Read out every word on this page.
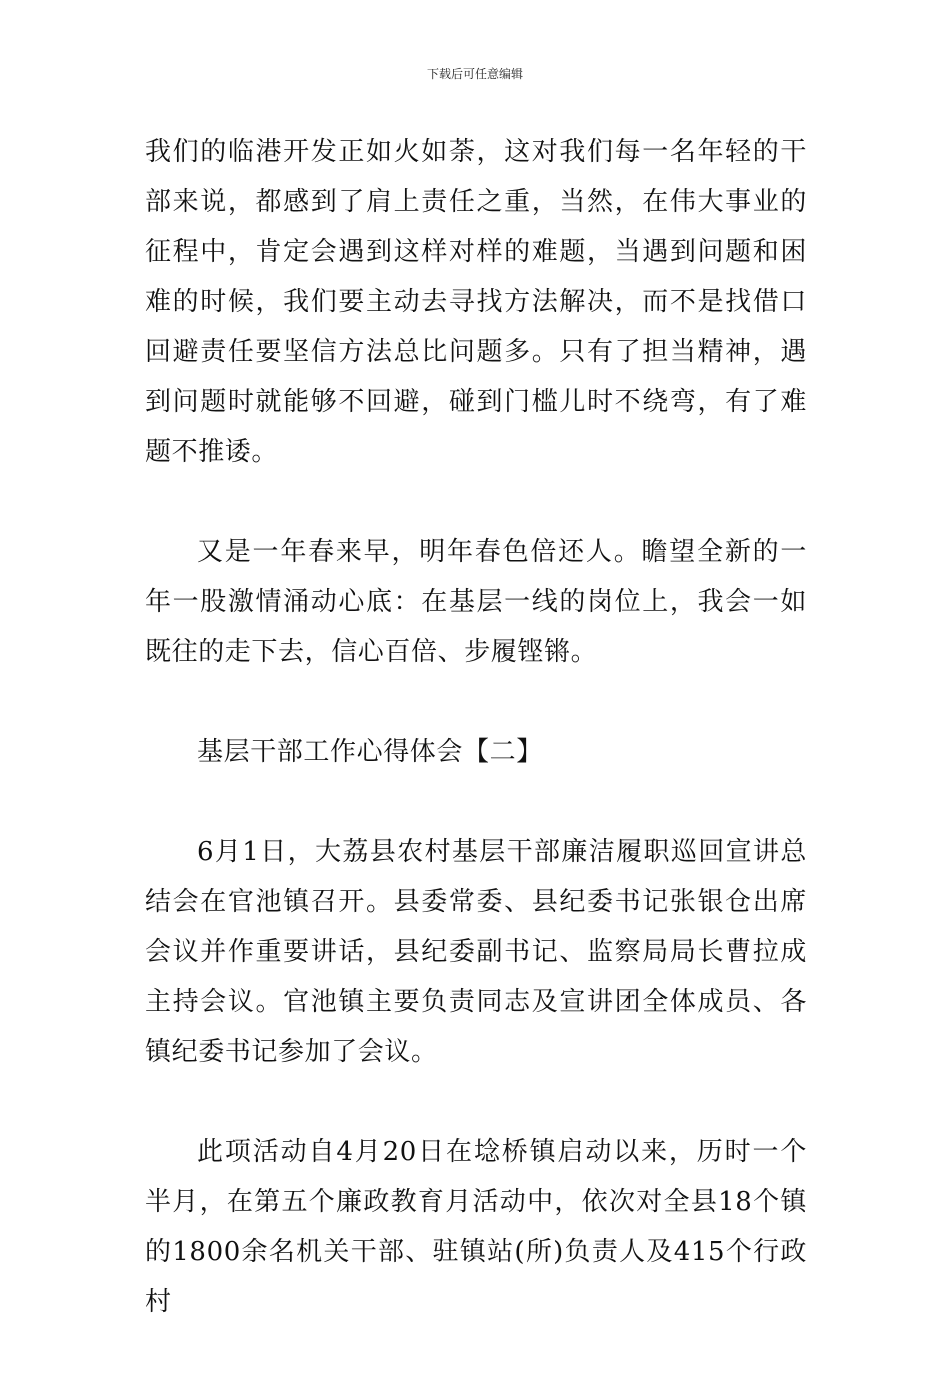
下载后可任意编辑

我们的临港开发正如火如荼，这对我们每一名年轻的干部来说，都感到了肩上责任之重，当然，在伟大事业的征程中，肯定会遇到这样对样的难题，当遇到问题和困难的时候，我们要主动去寻找方法解决，而不是找借口回避责任要坚信方法总比问题多。只有了担当精神，遇到问题时就能够不回避，碰到门槛儿时不绕弯，有了难题不推诿。

又是一年春来早，明年春色倍还人。瞻望全新的一年一股激情涌动心底：在基层一线的岗位上，我会一如既往的走下去，信心百倍、步履铿锵。

基层干部工作心得体会【二】

6月1日，大荔县农村基层干部廉洁履职巡回宣讲总结会在官池镇召开。县委常委、县纪委书记张银仓出席会议并作重要讲话，县纪委副书记、监察局局长曹拉成主持会议。官池镇主要负责同志及宣讲团全体成员、各镇纪委书记参加了会议。

此项活动自4月20日在埝桥镇启动以来，历时一个半月，在第五个廉政教育月活动中，依次对全县18个镇的1800余名机关干部、驻镇站(所)负责人及415个行政村
